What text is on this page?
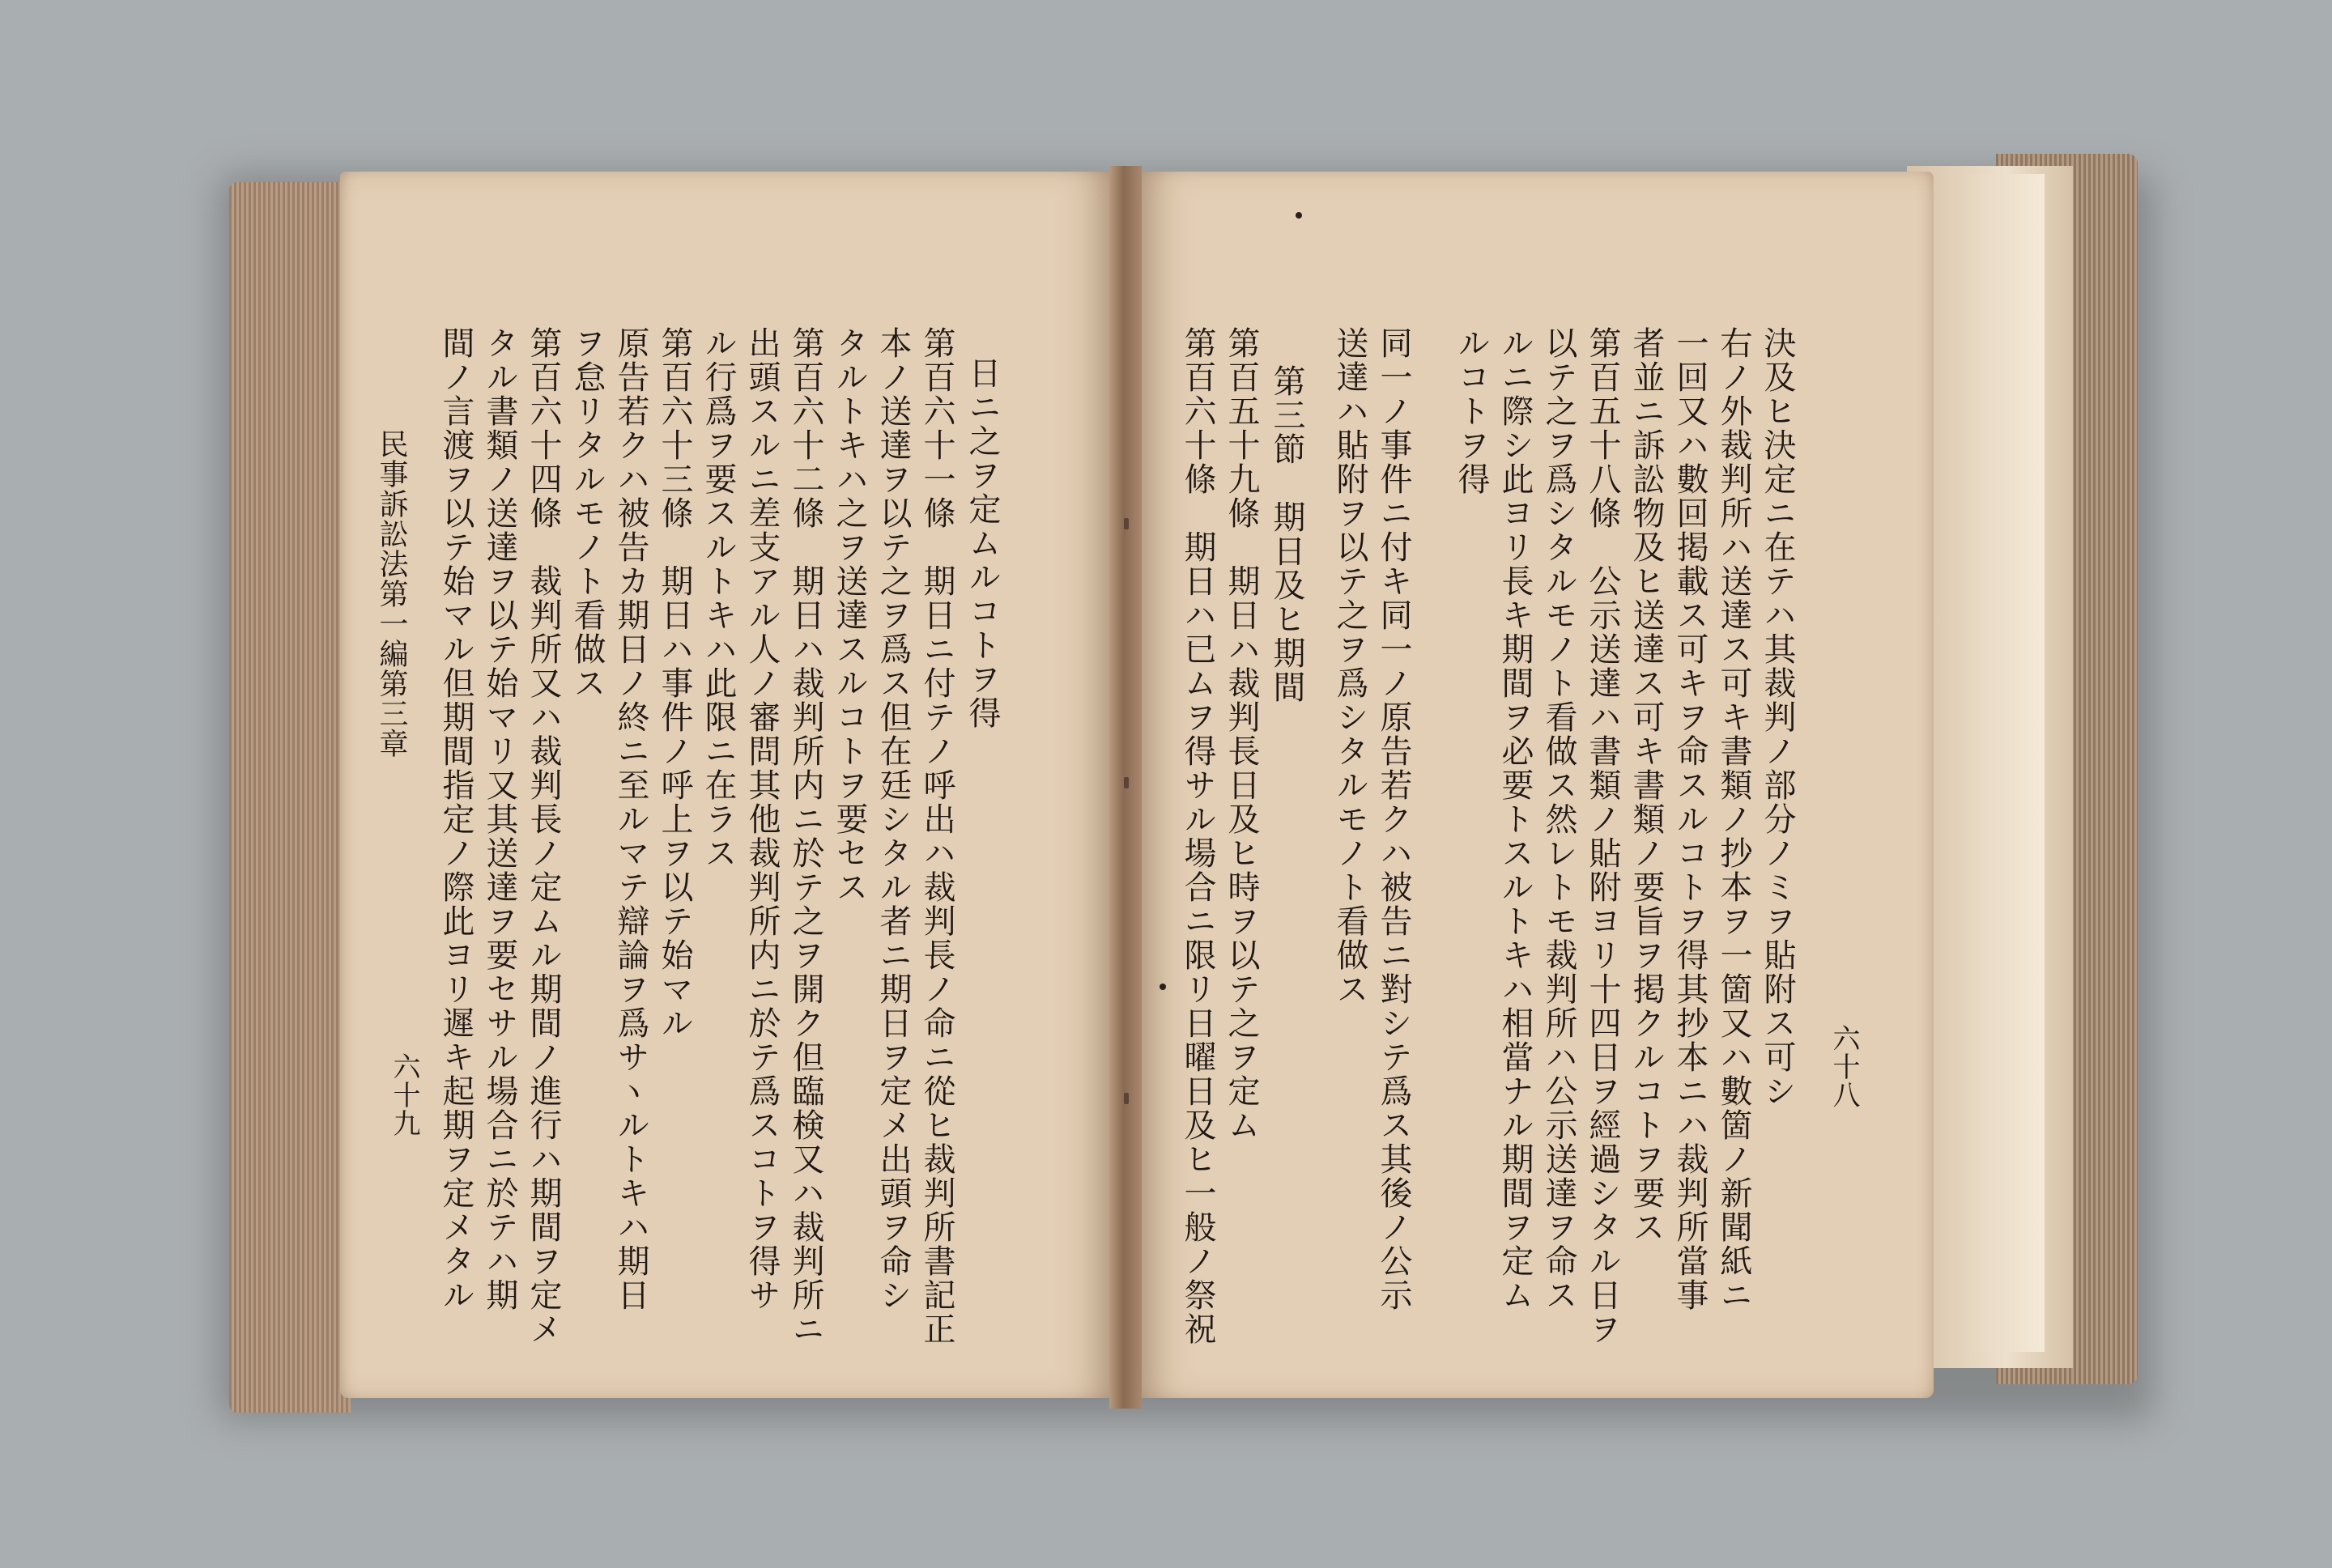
六十八
決及ヒ決定ニ在テハ其裁判ノ部分ノミヲ貼附ス可シ
右ノ外裁判所ハ送達ス可キ書類ノ抄本ヲ一箇又ハ數箇ノ新聞紙ニ
一回又ハ數回掲載ス可キヲ命スルコトヲ得其抄本ニハ裁判所當事
者並ニ訴訟物及ヒ送達ス可キ書類ノ要旨ヲ掲クルコトヲ要ス
第百五十八條　公示送達ハ書類ノ貼附ヨリ十四日ヲ經過シタル日ヲ
以テ之ヲ爲シタルモノト看做ス然レトモ裁判所ハ公示送達ヲ命ス
ルニ際シ此ヨリ長キ期間ヲ必要トスルトキハ相當ナル期間ヲ定ム
ルコトヲ得
同一ノ事件ニ付キ同一ノ原告若クハ被告ニ對シテ爲ス其後ノ公示
送達ハ貼附ヲ以テ之ヲ爲シタルモノト看做ス
第三節　期日及ヒ期間
第百五十九條　期日ハ裁判長日及ヒ時ヲ以テ之ヲ定ム
第百六十條　期日ハ已ムヲ得サル場合ニ限リ日曜日及ヒ一般ノ祭祝
日ニ之ヲ定ムルコトヲ得
第百六十一條　期日ニ付テノ呼出ハ裁判長ノ命ニ從ヒ裁判所書記正
本ノ送達ヲ以テ之ヲ爲ス但在廷シタル者ニ期日ヲ定メ出頭ヲ命シ
タルトキハ之ヲ送達スルコトヲ要セス
第百六十二條　期日ハ裁判所内ニ於テ之ヲ開ク但臨検又ハ裁判所ニ
出頭スルニ差支アル人ノ審問其他裁判所内ニ於テ爲スコトヲ得サ
ル行爲ヲ要スルトキハ此限ニ在ラス
第百六十三條　期日ハ事件ノ呼上ヲ以テ始マル
原告若クハ被告カ期日ノ終ニ至ルマテ辯論ヲ爲サヽルトキハ期日
ヲ怠リタルモノト看做ス
第百六十四條　裁判所又ハ裁判長ノ定ムル期間ノ進行ハ期間ヲ定メ
タル書類ノ送達ヲ以テ始マリ又其送達ヲ要セサル場合ニ於テハ期
間ノ言渡ヲ以テ始マル但期間指定ノ際此ヨリ遲キ起期ヲ定メタル
民事訴訟法第一編第三章
六十九
